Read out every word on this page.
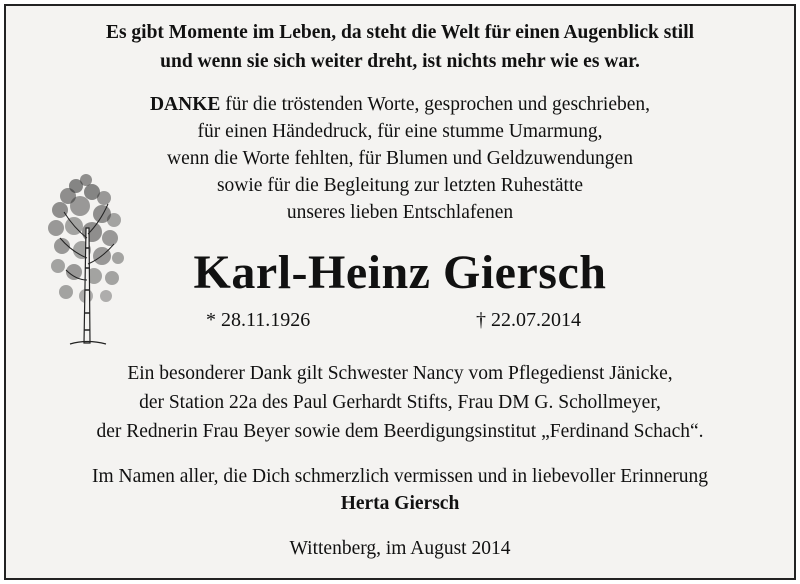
Es gibt Momente im Leben, da steht die Welt für einen Augenblick still
und wenn sie sich weiter dreht, ist nichts mehr wie es war.
DANKE für die tröstenden Worte, gesprochen und geschrieben,
für einen Händedruck, für eine stumme Umarmung,
wenn die Worte fehlten, für Blumen und Geldzuwendungen
sowie für die Begleitung zur letzten Ruhestätte
unseres lieben Entschlafenen
Karl-Heinz Giersch
* 28.11.1926	† 22.07.2014
Ein besonderer Dank gilt Schwester Nancy vom Pflegedienst Jänicke,
der Station 22a des Paul Gerhardt Stifts, Frau DM G. Schollmeyer,
der Rednerin Frau Beyer sowie dem Beerdigungsinstitut „Ferdinand Schach“.
Im Namen aller, die Dich schmerzlich vermissen und in liebevoller Erinnerung
Herta Giersch
Wittenberg, im August 2014
